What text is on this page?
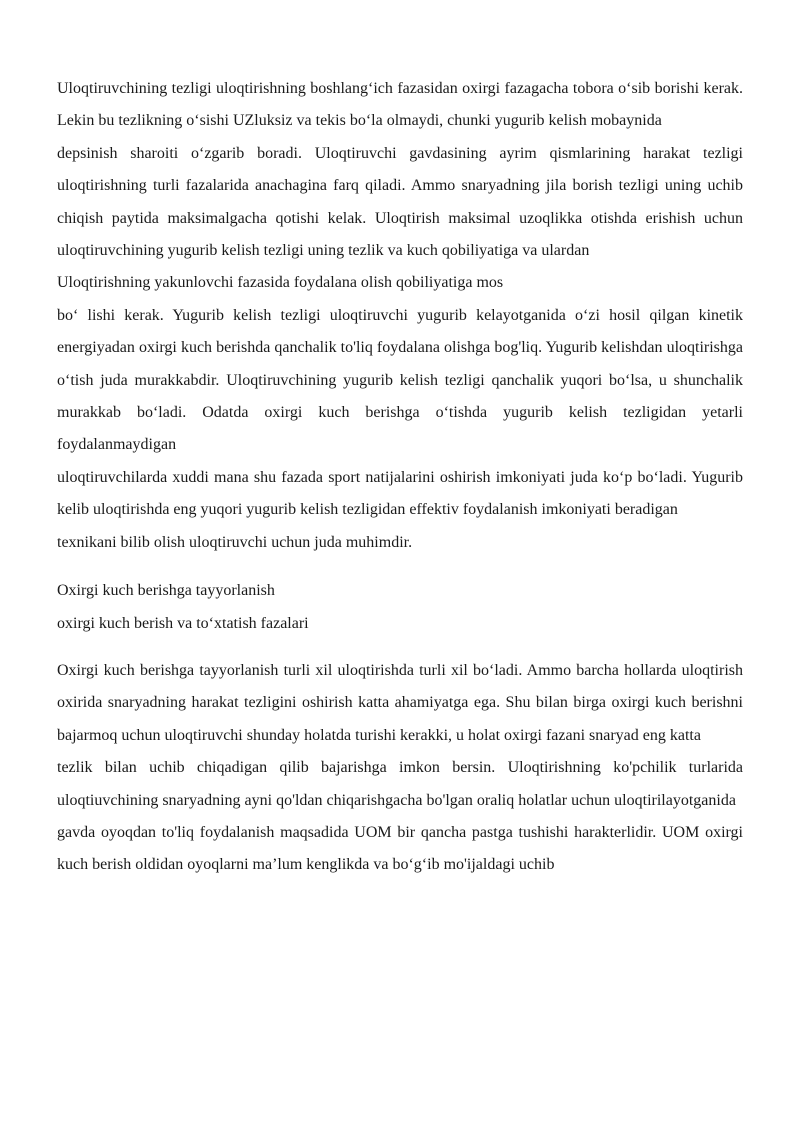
Uloqtiruvchining tezligi uloqtirishning boshlang‘ich fazasidan oxirgi fazagacha tobora o‘sib borishi kerak. Lekin bu tezlikning o‘sishi UZluksiz va tekis bo‘la olmaydi, chunki yugurib kelish mobaynida

depsinish sharoiti o‘zgarib boradi. Uloqtiruvchi gavdasining ayrim qismlarining harakat tezligi uloqtirishning turli fazalarida anachagina farq qiladi. Ammo snaryadning jila borish tezligi uning uchib chiqish paytida maksimalgacha qotishi kelak. Uloqtirish maksimal uzoqlikka otishda erishish uchun uloqtiruvchining yugurib kelish tezligi uning tezlik va kuch qobiliyatiga va ulardan

Uloqtirishning yakunlovchi fazasida foydalana olish qobiliyatiga mos

bo‘ lishi kerak. Yugurib kelish tezligi uloqtiruvchi yugurib kelayotganida o‘zi hosil qilgan kinetik energiyadan oxirgi kuch berishda qanchalik to'liq foydalana olishga bog'liq. Yugurib kelishdan uloqtirishga o‘tish juda murakkabdir. Uloqtiruvchining yugurib kelish tezligi qanchalik yuqori bo‘lsa, u shunchalik murakkab bo‘ladi. Odatda oxirgi kuch berishga o‘tishda yugurib kelish tezligidan yetarli foydalanmaydigan

uloqtiruvchilarda xuddi mana shu fazada sport natijalarini oshirish imkoniyati juda ko‘p bo‘ladi. Yugurib kelib uloqtirishda eng yuqori yugurib kelish tezligidan effektiv foydalanish imkoniyati beradigan

texnikani bilib olish uloqtiruvchi uchun juda muhimdir.

Oxirgi kuch berishga tayyorlanish

oxirgi kuch berish va to‘xtatish fazalari

Oxirgi kuch berishga tayyorlanish turli xil uloqtirishda turli xil bo‘ladi. Ammo barcha hollarda uloqtirish oxirida snaryadning harakat tezligini oshirish katta ahamiyatga ega. Shu bilan birga oxirgi kuch berishni bajarmoq uchun uloqtiruvchi shunday holatda turishi kerakki, u holat oxirgi fazani snaryad eng katta

tezlik bilan uchib chiqadigan qilib bajarishga imkon bersin. Uloqtirishning ko'pchilik turlarida uloqtiuvchining snaryadning ayni qo'ldan chiqarishgacha bo'lgan oraliq holatlar uchun uloqtirilayotganida

gavda oyoqdan to'liq foydalanish maqsadida UOM bir qancha pastga tushishi harakterlidir. UOM oxirgi kuch berish oldidan oyoqlarni ma’lum kenglikda va bo‘g‘ib mo'ijaldagi uchib
